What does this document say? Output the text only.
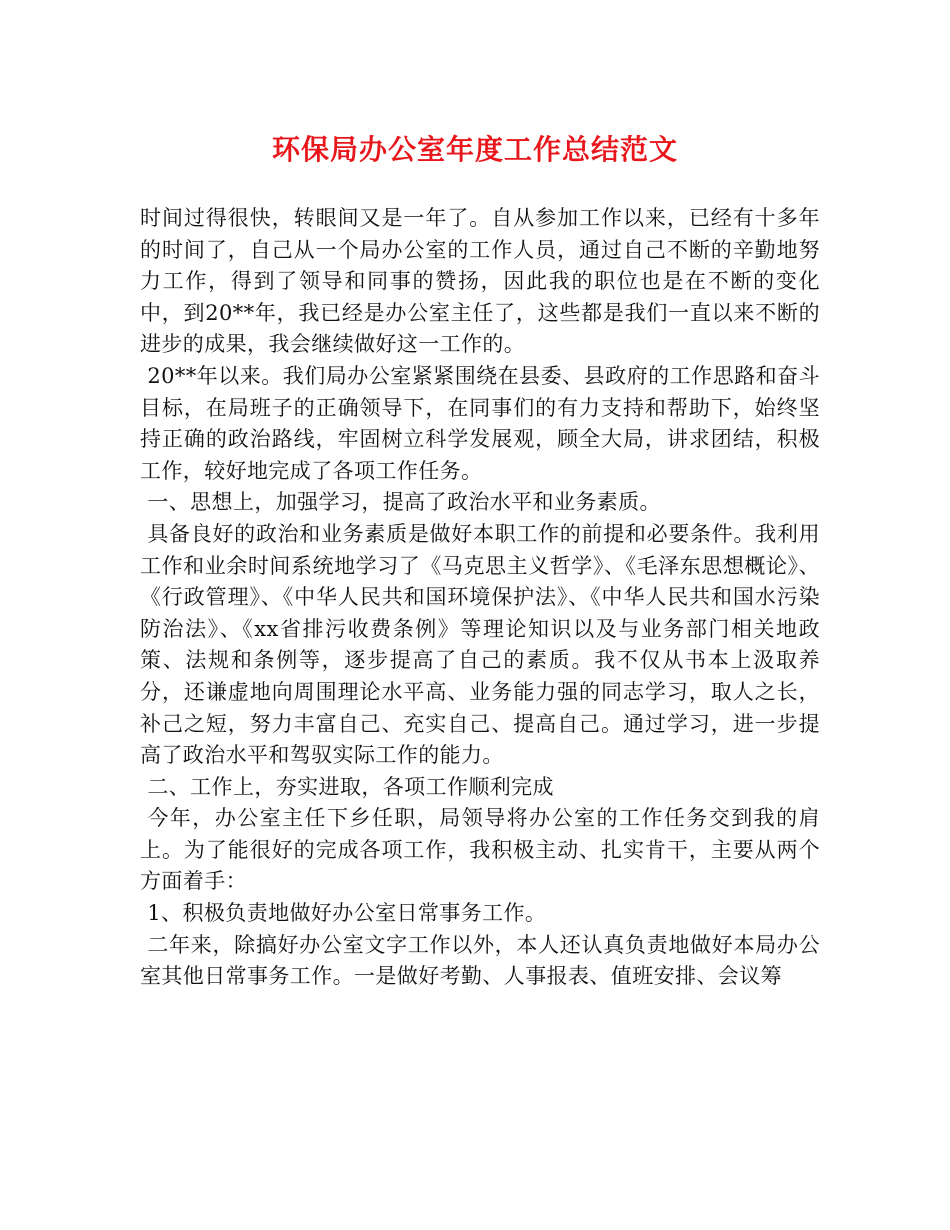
环保局办公室年度工作总结范文

时间过得很快，转眼间又是一年了。自从参加工作以来，已经有十多年的时间了，自己从一个局办公室的工作人员，通过自己不断的辛勤地努力工作，得到了领导和同事的赞扬，因此我的职位也是在不断的变化中，到20**年，我已经是办公室主任了，这些都是我们一直以来不断的进步的成果，我会继续做好这一工作的。

20**年以来。我们局办公室紧紧围绕在县委、县政府的工作思路和奋斗目标，在局班子的正确领导下，在同事们的有力支持和帮助下，始终坚持正确的政治路线，牢固树立科学发展观，顾全大局，讲求团结，积极工作，较好地完成了各项工作任务。

一、思想上，加强学习，提高了政治水平和业务素质。

具备良好的政治和业务素质是做好本职工作的前提和必要条件。我利用工作和业余时间系统地学习了《马克思主义哲学》、《毛泽东思想概论》、《行政管理》、《中华人民共和国环境保护法》、《中华人民共和国水污染防治法》、《xx省排污收费条例》等理论知识以及与业务部门相关地政策、法规和条例等，逐步提高了自己的素质。我不仅从书本上汲取养分，还谦虚地向周围理论水平高、业务能力强的同志学习，取人之长，补己之短，努力丰富自己、充实自己、提高自己。通过学习，进一步提高了政治水平和驾驭实际工作的能力。

二、工作上，夯实进取，各项工作顺利完成

今年，办公室主任下乡任职，局领导将办公室的工作任务交到我的肩上。为了能很好的完成各项工作，我积极主动、扎实肯干，主要从两个方面着手：

1、积极负责地做好办公室日常事务工作。

二年来，除搞好办公室文字工作以外，本人还认真负责地做好本局办公室其他日常事务工作。一是做好考勤、人事报表、值班安排、会议筹
